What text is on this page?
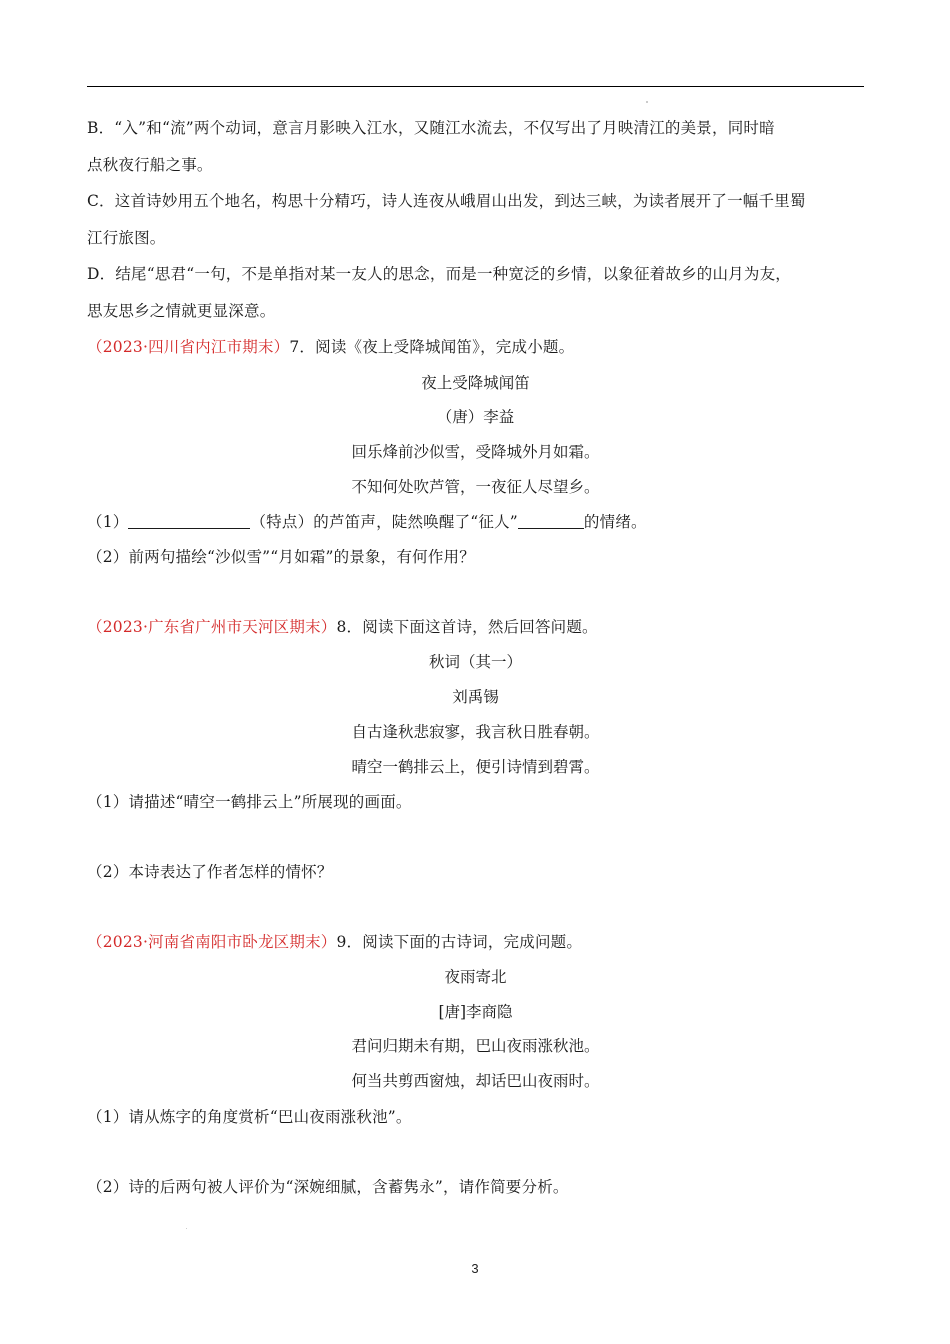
B．“入”和“流”两个动词，意言月影映入江水，又随江水流去，不仅写出了月映清江的美景，同时暗
点秋夜行船之事。
C．这首诗妙用五个地名，构思十分精巧，诗人连夜从峨眉山出发，到达三峡，为读者展开了一幅千里蜀
江行旅图。
D．结尾“思君“一句，不是单指对某一友人的思念，而是一种宽泛的乡情，以象征着故乡的山月为友，
思友思乡之情就更显深意。
（2023·四川省内江市期末）7．阅读《夜上受降城闻笛》，完成小题。
夜上受降城闻笛
（唐）李益
回乐烽前沙似雪，受降城外月如霜。
不知何处吹芦管，一夜征人尽望乡。
（1）	（特点）的芦笛声，陡然唤醒了“征人”	的情绪。
（2）前两句描绘“沙似雪”“月如霜”的景象，有何作用？
（2023·广东省广州市天河区期末）8．阅读下面这首诗，然后回答问题。
秋词（其一）
刘禹锡
自古逢秋悲寂寥，我言秋日胜春朝。
晴空一鹤排云上，便引诗情到碧霄。
（1）请描述“晴空一鹤排云上”所展现的画面。
（2）本诗表达了作者怎样的情怀？
（2023·河南省南阳市卧龙区期末）9．阅读下面的古诗词，完成问题。
夜雨寄北
[唐]李商隐
君问归期未有期，巴山夜雨涨秋池。
何当共剪西窗烛，却话巴山夜雨时。
（1）请从炼字的角度赏析“巴山夜雨涨秋池”。
（2）诗的后两句被人评价为“深婉细腻，含蓄隽永”，请作简要分析。
3
